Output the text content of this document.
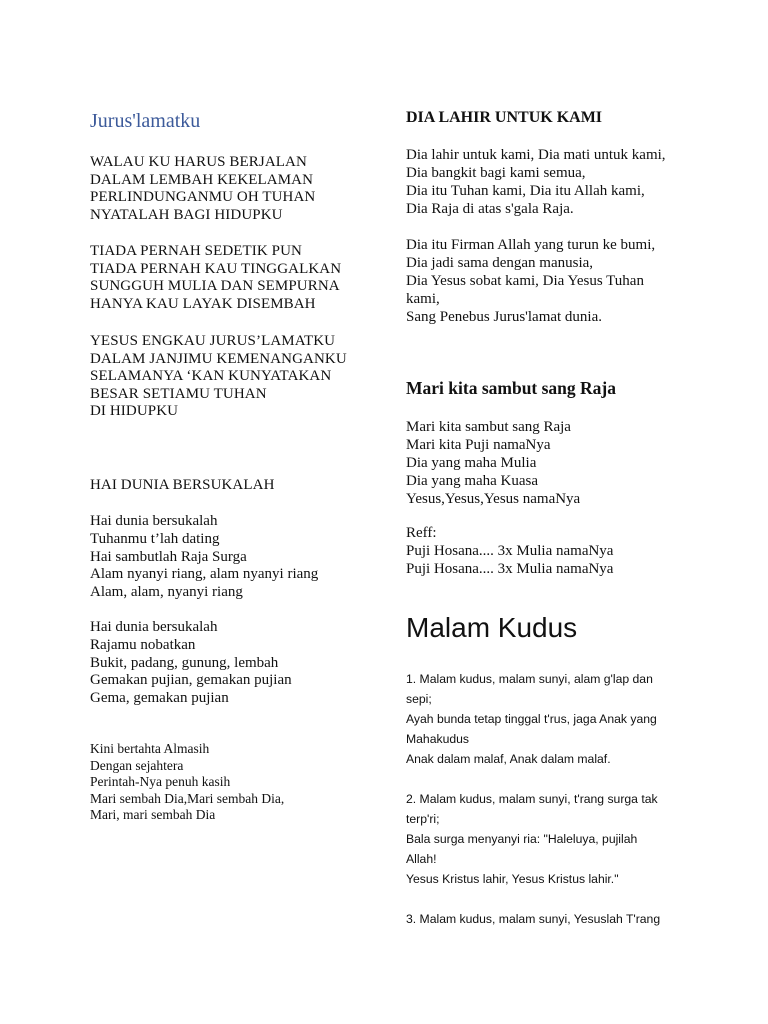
Jurus'lamatku
WALAU KU HARUS BERJALAN
DALAM LEMBAH KEKELAMAN
PERLINDUNGANMU OH TUHAN
NYATALAH BAGI HIDUPKU
TIADA PERNAH SEDETIK PUN
TIADA PERNAH KAU TINGGALKAN
SUNGGUH MULIA DAN SEMPURNA
HANYA KAU LAYAK DISEMBAH
YESUS ENGKAU JURUS’LAMATKU
DALAM JANJIMU KEMENANGANKU
SELAMANYA ‘KAN KUNYATAKAN
BESAR SETIAMU TUHAN
DI HIDUPKU
HAI DUNIA BERSUKALAH
Hai dunia bersukalah
Tuhanmu t’lah dating
Hai sambutlah Raja Surga
Alam nyanyi riang, alam nyanyi riang
Alam, alam, nyanyi riang
Hai dunia bersukalah
Rajamu nobatkan
Bukit, padang, gunung, lembah
Gemakan pujian, gemakan pujian
Gema, gemakan pujian
Kini bertahta Almasih
Dengan sejahtera
Perintah-Nya penuh kasih
Mari sembah Dia,Mari sembah Dia,
Mari, mari sembah Dia
DIA LAHIR UNTUK KAMI
Dia lahir untuk kami, Dia mati untuk kami,
Dia bangkit bagi kami semua,
Dia itu Tuhan kami, Dia itu Allah kami,
Dia Raja di atas s'gala Raja.
Dia itu Firman Allah yang turun ke bumi,
Dia jadi sama dengan manusia,
Dia Yesus sobat kami, Dia Yesus Tuhan
kami,
Sang Penebus Jurus'lamat dunia.
Mari kita sambut sang Raja
Mari kita sambut sang Raja
Mari kita Puji namaNya
Dia yang maha Mulia
Dia yang maha Kuasa
Yesus,Yesus,Yesus namaNya
Reff:
Puji Hosana.... 3x Mulia namaNya
Puji Hosana.... 3x Mulia namaNya
Malam Kudus
1. Malam kudus, malam sunyi, alam g'lap dan
sepi;
Ayah bunda tetap tinggal t'rus, jaga Anak yang
Mahakudus
Anak dalam malaf, Anak dalam malaf.
2. Malam kudus, malam sunyi, t'rang surga tak
terp'ri;
Bala surga menyanyi ria: "Haleluya, pujilah
Allah!
Yesus Kristus lahir, Yesus Kristus lahir."
3. Malam kudus, malam sunyi, Yesuslah T'rang
